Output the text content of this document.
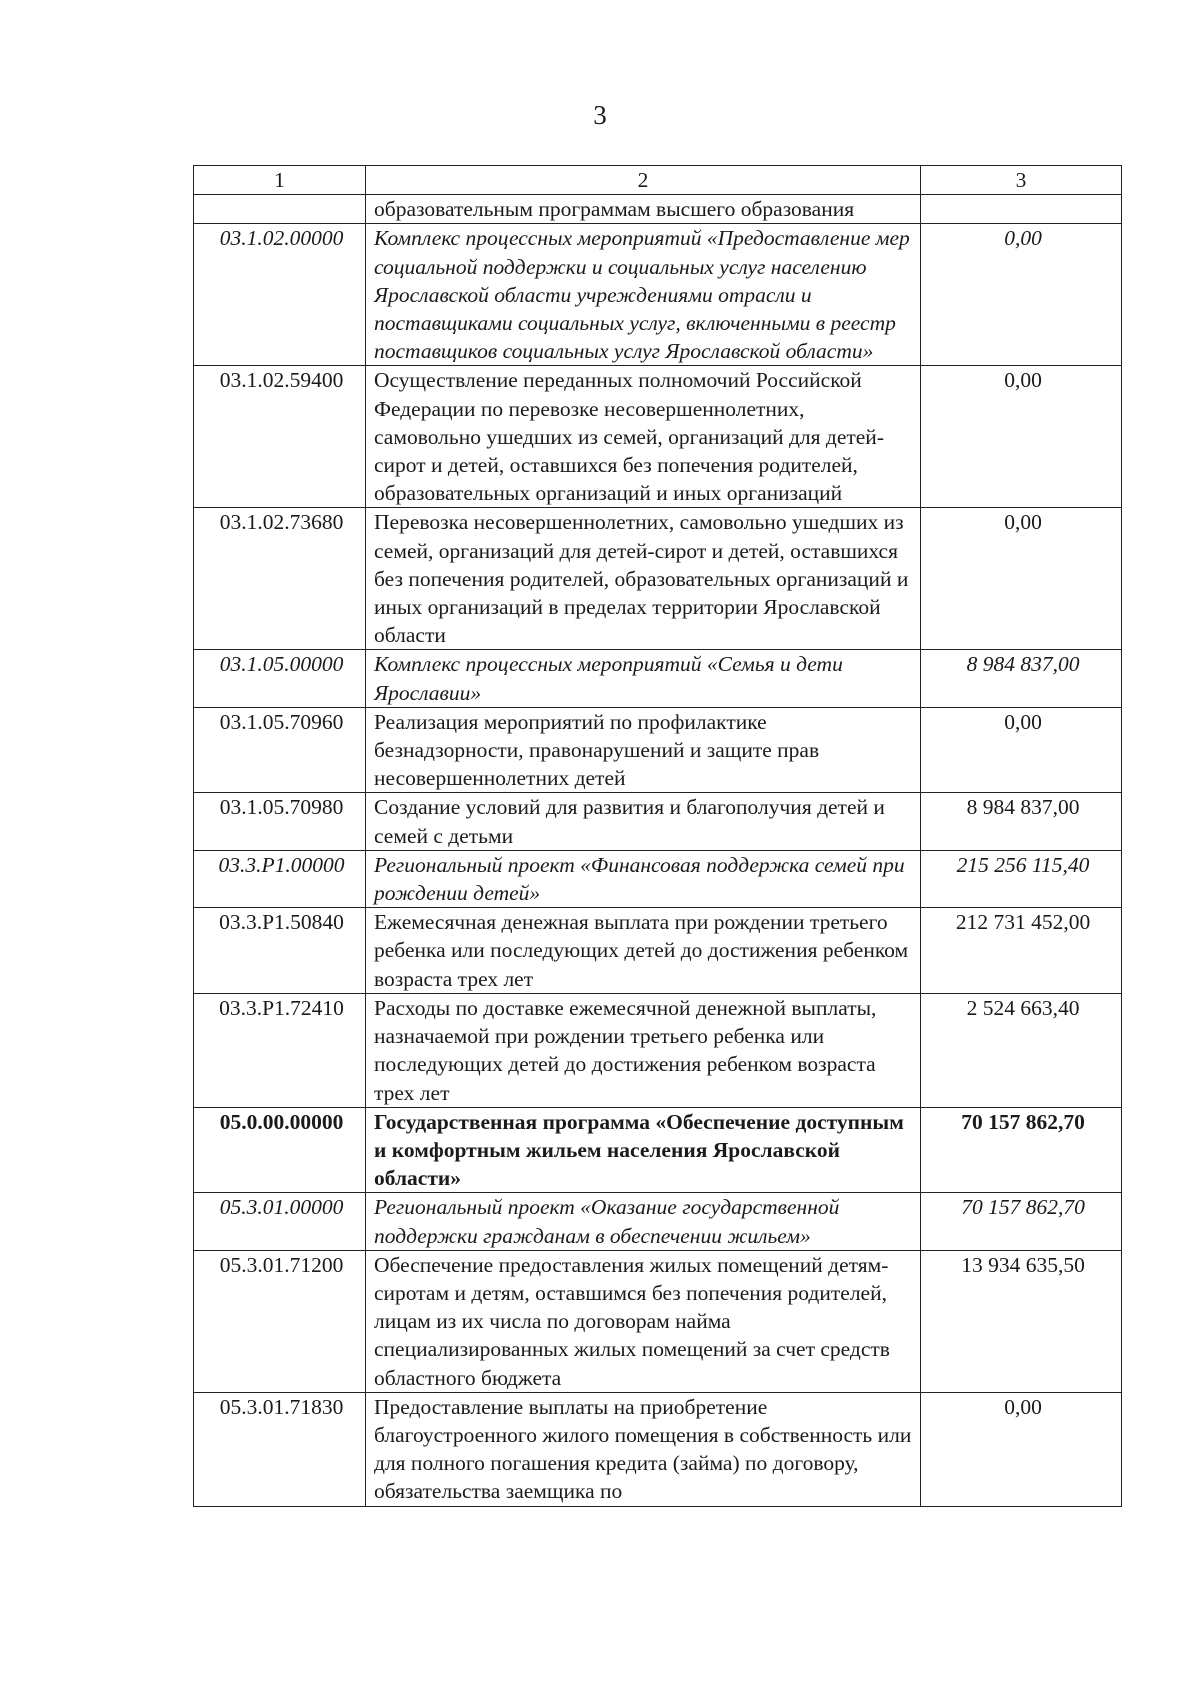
3
1	2	3
	образовательным программам высшего образования	
03.1.02.00000	Комплекс процессных мероприятий «Предоставление мер социальной поддержки и социальных услуг населению Ярославской области учреждениями отрасли и поставщиками социальных услуг, включенными в реестр поставщиков социальных услуг Ярославской области»	0,00
03.1.02.59400	Осуществление переданных полномочий Российской Федерации по перевозке несовершеннолетних, самовольно ушедших из семей, организаций для детей-сирот и детей, оставшихся без попечения родителей, образовательных организаций и иных организаций	0,00
03.1.02.73680	Перевозка несовершеннолетних, самовольно ушедших из семей, организаций для детей-сирот и детей, оставшихся без попечения родителей, образовательных организаций и иных организаций в пределах территории Ярославской области	0,00
03.1.05.00000	Комплекс процессных мероприятий «Семья и дети Ярославии»	8 984 837,00
03.1.05.70960	Реализация мероприятий по профилактике безнадзорности, правонарушений и защите прав несовершеннолетних детей	0,00
03.1.05.70980	Создание условий для развития и благополучия детей и семей с детьми	8 984 837,00
03.3.P1.00000	Региональный проект «Финансовая поддержка семей при рождении детей»	215 256 115,40
03.3.P1.50840	Ежемесячная денежная выплата при рождении третьего ребенка или последующих детей до достижения ребенком возраста трех лет	212 731 452,00
03.3.P1.72410	Расходы по доставке ежемесячной денежной выплаты, назначаемой при рождении третьего ребенка или последующих детей до достижения ребенком возраста трех лет	2 524 663,40
05.0.00.00000	Государственная программа «Обеспечение доступным и комфортным жильем населения Ярославской области»	70 157 862,70
05.3.01.00000	Региональный проект «Оказание государственной поддержки гражданам в обеспечении жильем»	70 157 862,70
05.3.01.71200	Обеспечение предоставления жилых помещений детям-сиротам и детям, оставшимся без попечения родителей, лицам из их числа по договорам найма специализированных жилых помещений за счет средств областного бюджета	13 934 635,50
05.3.01.71830	Предоставление выплаты на приобретение благоустроенного жилого помещения в собственность или для полного погашения кредита (займа) по договору, обязательства заемщика по	0,00
